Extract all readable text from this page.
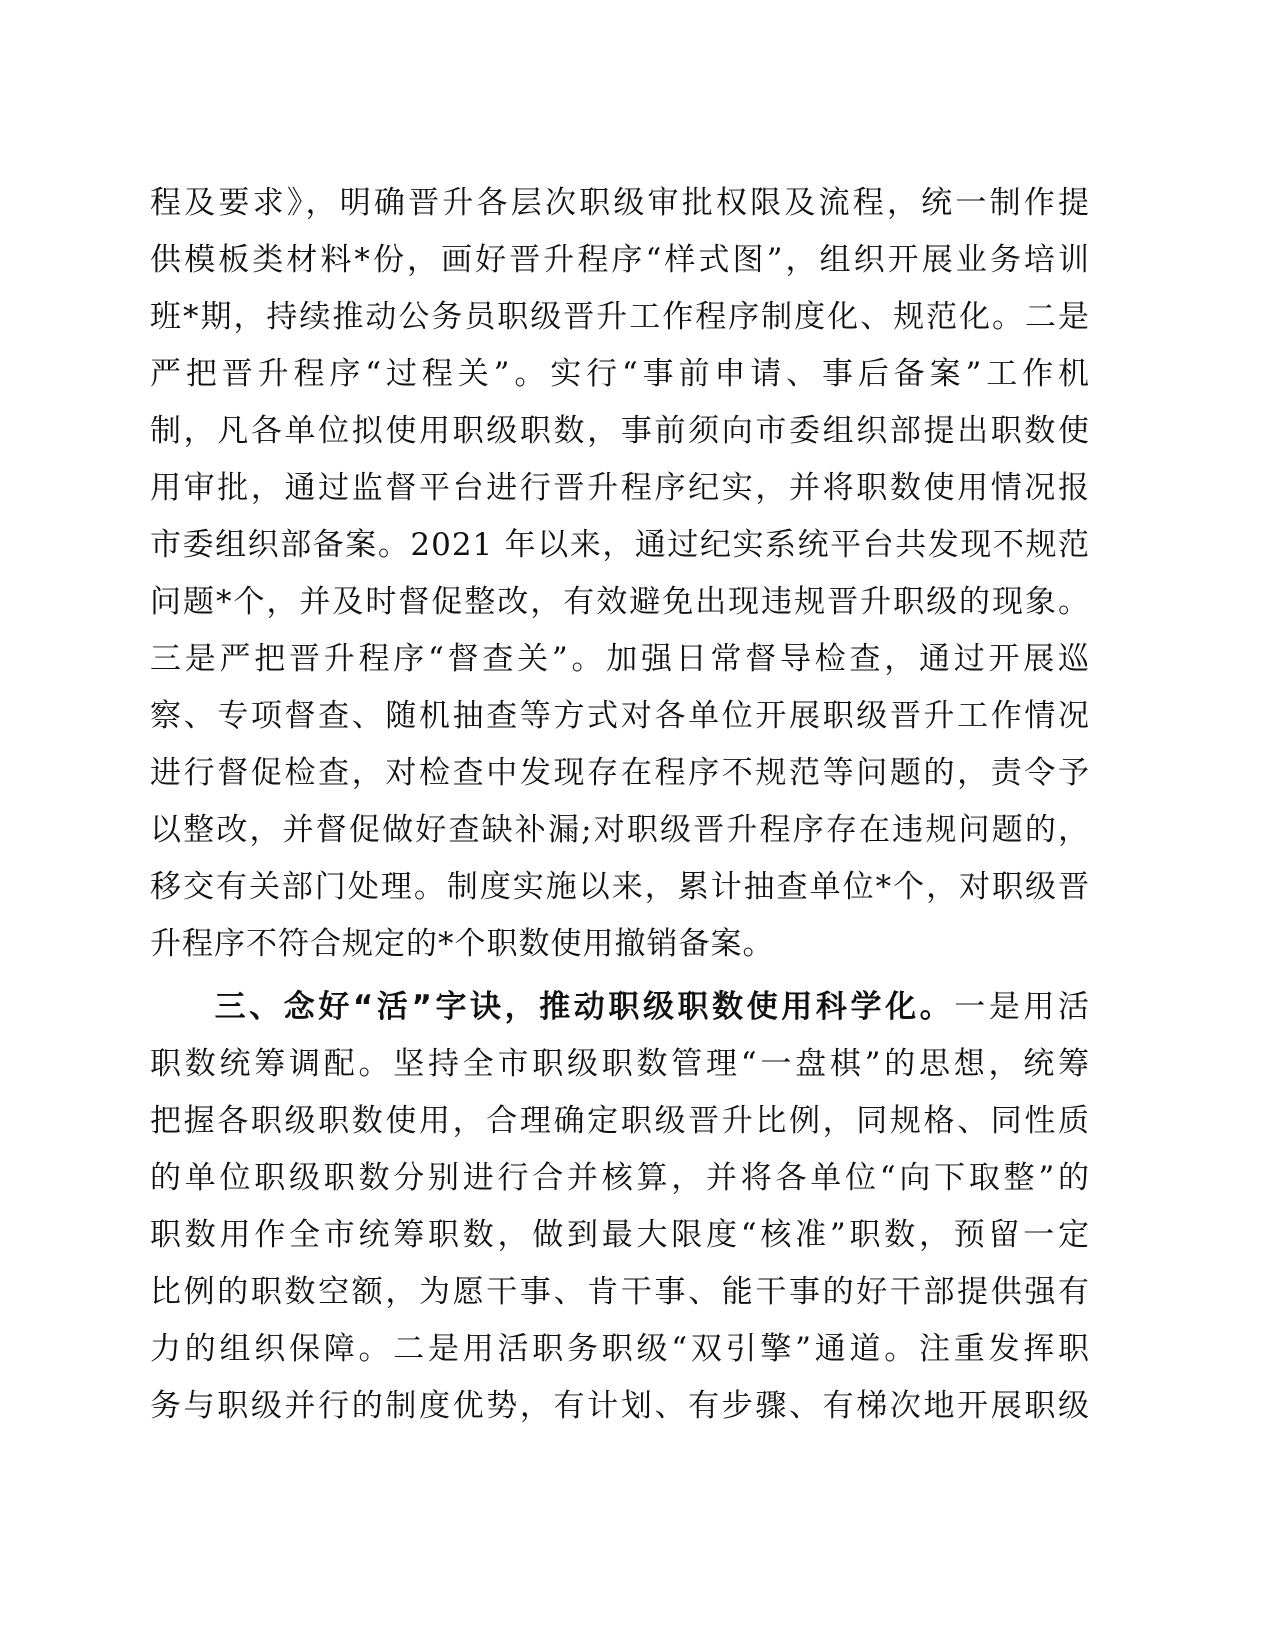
程及要求》，明确晋升各层次职级审批权限及流程，统一制作提
供模板类材料*份，画好晋升程序“样式图”，组织开展业务培训
班*期，持续推动公务员职级晋升工作程序制度化、规范化。二是
严把晋升程序“过程关”。实行“事前申请、事后备案”工作机
制，凡各单位拟使用职级职数，事前须向市委组织部提出职数使
用审批，通过监督平台进行晋升程序纪实，并将职数使用情况报
市委组织部备案。2021 年以来，通过纪实系统平台共发现不规范
问题*个，并及时督促整改，有效避免出现违规晋升职级的现象。
三是严把晋升程序“督查关”。加强日常督导检查，通过开展巡
察、专项督查、随机抽查等方式对各单位开展职级晋升工作情况
进行督促检查，对检查中发现存在程序不规范等问题的，责令予
以整改，并督促做好查缺补漏;对职级晋升程序存在违规问题的，
移交有关部门处理。制度实施以来，累计抽查单位*个，对职级晋
升程序不符合规定的*个职数使用撤销备案。
三、念好“活”字诀，推动职级职数使用科学化。一是用活
职数统筹调配。坚持全市职级职数管理“一盘棋”的思想，统筹
把握各职级职数使用，合理确定职级晋升比例，同规格、同性质
的单位职级职数分别进行合并核算，并将各单位“向下取整”的
职数用作全市统筹职数，做到最大限度“核准”职数，预留一定
比例的职数空额，为愿干事、肯干事、能干事的好干部提供强有
力的组织保障。二是用活职务职级“双引擎”通道。注重发挥职
务与职级并行的制度优势，有计划、有步骤、有梯次地开展职级
